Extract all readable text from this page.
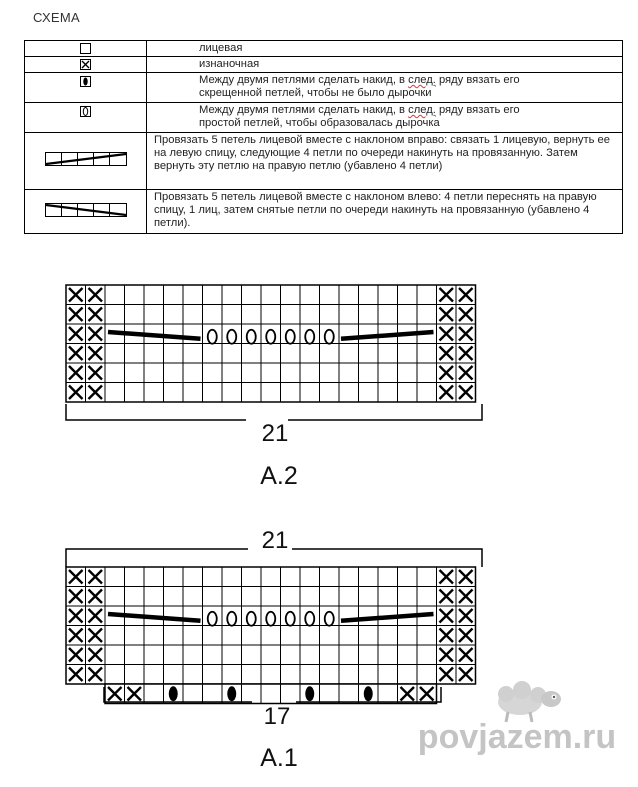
СХЕМА
	лицевая
	изнаночная
	Между двумя петлями сделать накид, в след. ряду вязать его
скрещенной петлей, чтобы не было дырочки
	Между двумя петлями сделать накид, в след. ряду вязать его
простой петлей, чтобы образовалась дырочка
	Провязать 5 петель лицевой вместе с наклоном вправо: связать 1 лицевую, вернуть ее на левую спицу, следующие 4 петли по очереди накинуть на провязанную. Затем вернуть эту петлю на правую петлю (убавлено 4 петли)
	Провязать 5 петель лицевой вместе с наклоном влево: 4 петли переснять на правую спицу, 1 лиц, затем снятые петли по очереди накинуть на провязанную (убавлено 4 петли).
21
A.2
21
17
A.1
povjazem.ru
